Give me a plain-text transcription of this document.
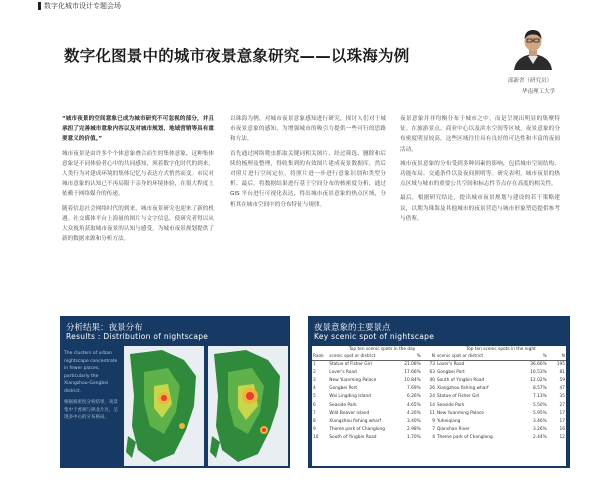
数字化城市设计专题会场
数字化图景中的城市夜景意象研究——以珠海为例
邱新舍（研究员）
华南理工大学

“城市夜景的空间意象已成为城市研究不可忽视的部分，并且承担了完善城市意象内容以及对城市规划、地域营销等具有重要意义的价值。”

城市夜景是由许多个个体意象叠合而生的集体意象，这种集体意象是不同体验者心中的共同感知，须着数字化时代的到来，人类行为对建成环境的集体记忆与表达方式悄然而变。市民对城市意象的认知已不再局限于亲身的环境体验，在很大程度上依赖于网络媒介的传递。

随着信息社会网络时代的到来，城市夜景研究也迎来了新的机遇。社交媒体平台上海量的图片与文字信息，使研究者得以从大众视角获取城市夜景的认知与感受，为城市夜景规划提供了新的数据来源和分析方法。

以珠海为例，对城市夜景意象感知进行研究，探讨人们对于城市夜景意象的感知，为增强城市的吸引力提供一些可行的思路和方法。

首先通过网络爬虫抓取关键词相关图片，经过筛选、删除和后续的梳理及整理，得收集到的有效图片建成夜景数据库，然后对照片进行空间定位，将照片进一步进行意象识别和类型分析。最后，将数据结果进行基于空间分布的核密度分析，通过 GIS 平台进行可视化表达，得出城市夜景意象的热点区域，分析其在城市空间中的分布特征与规律。

夜景意象并非均衡分布于城市之中，而是呈现出明显的集聚特征。在旅游景点、商业中心以及滨水空间等区域，夜景意象的分布密度明显较高，这些区域往往具有良好的可达性和丰富的夜间活动。

城市夜景意象的分布受到多种因素的影响，包括城市空间结构、功能布局、交通条件以及夜间照明等。研究表明，城市夜景的热点区域与城市的重要公共空间和标志性节点存在高度的相关性。

最后，根据研究结论，提出城市夜景规划与建设的若干策略建议，以期为珠海及其他城市的夜景营造与城市形象塑造提供参考与借鉴。

分析结果：夜景分布
Results : Distribution of nightscape

The clusters of urban nightscape concentrate in fewer places, particularly the Xiangzhou-Gongbei district.

根据核密度分析结果，夜景集中于香洲与拱北片区，呈现多中心的分布格局。

夜景意象的主要景点
Key scenic spot of nightscape
	Top ten scenic spots in the day			Top ten scenic spots in the night		
Rank	scenic spot or district	%	N	scenic spot or district	%	N
1	Statue of Fisher Girl	21.08%	73	Lover's Road	36.66%	195
2	Lover's Road	17.66%	63	Gongbei Port	16.53%	81
3	New Yuanming Palace	10.84%	40	South of Yingbin Road	12.02%	59
4	Gongbei Port	7.69%	26	Xiangzhou fishing wharf	8.57%	47
5	Wai Lingding Island	6.26%	24	Statue of Fisher Girl	7.13%	35
6	Seaside Park	4.65%	14	Seaside Park	5.50%	27
7	Wild Beaver Island	4.26%	11	New Yuanming Palace	5.95%	17
8	Xiangzhou fishing wharf	3.40%	9	Yuheiqiang	3.46%	17
9	Theme park of Changlong	2.98%	7	Qianshan River	3.26%	16
10	South of Yingbin Road	1.70%	4	Theme park of Changlong	2.44%	12
